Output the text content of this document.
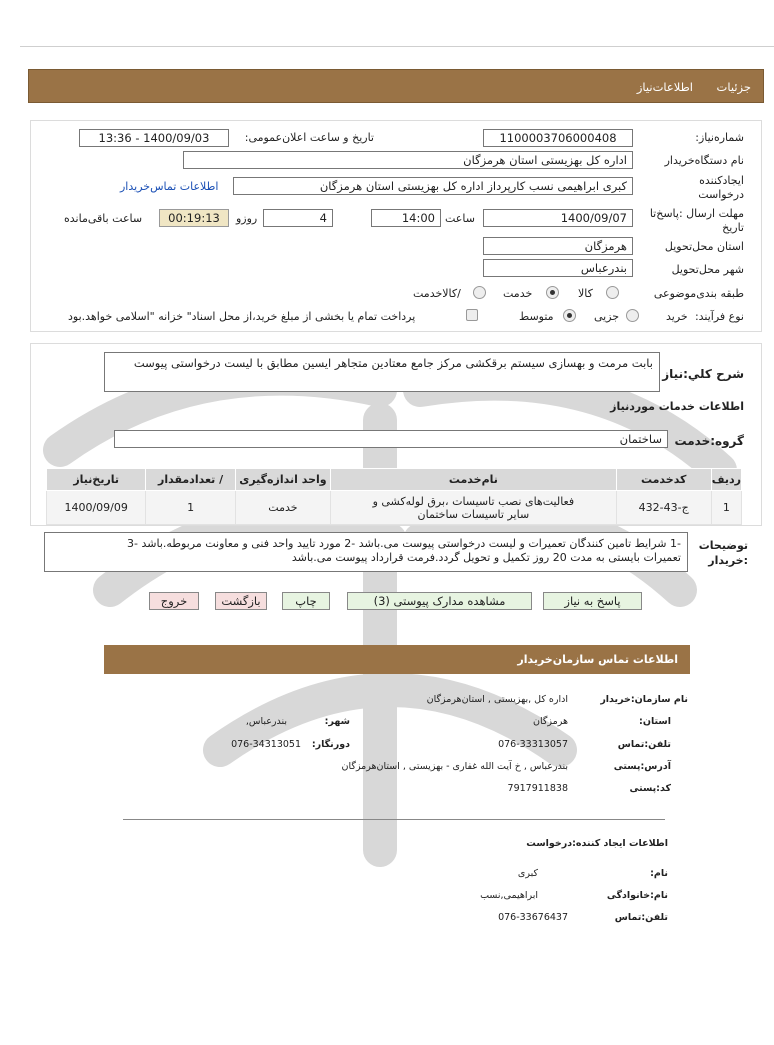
جزئیات
اطلاعات‌نیاز
شماره‌نیاز:
1100003706000408
تاریخ و ساعت اعلان‌عمومی:
1400/09/03 - 13:36
نام دستگاه‌خریدار
اداره کل بهزیستی استان هرمزگان
ایجادکننده
درخواست
کبری ابراهیمی نسب کارپرداز اداره کل بهزیستی استان هرمزگان
اطلاعات تماس‌خریدار
مهلت ارسال :پاسخ‌تا
تاریخ
1400/09/07
ساعت
14:00
4
روزو
00:19:13
ساعت باقی‌مانده
استان محل‌تحویل
هرمزگان
شهر محل‌تحویل
بندرعباس
طبقه بندی‌موضوعی
کالا
خدمت
/کالاخدمت
نوع فرآیند:
خرید
جزیی
متوسط
پرداخت تمام یا بخشی از مبلغ خرید،از محل اسناد" خزانه "اسلامی خواهد.بود
شرح کلي:نیاز
بابت مرمت و بهسازی سیستم برقکشی مرکز جامع معتادین متجاهر ایسین مطابق با لیست درخواستی پیوست
اطلاعات خدمات موردنیاز
گروه:خدمت
ساختمان
ردیف	کدخدمت	نام‌خدمت	واحد اندازه‌گیری	/ تعدادمقدار	تاریخ‌نیاز
1	ج-43-432	فعالیت‌های نصب تاسیسات ،برق لوله‌کشی و
سایر تاسیسات ساختمان	خدمت	1	1400/09/09
توضیحات
:خریدار
-1 شرایط تامین کنندگان تعمیرات و لیست درخواستی پیوست می.باشد -2 مورد تایید واحد فنی و معاونت مربوطه.باشد -3
تعمیرات بایستی به مدت 20 روز تکمیل و تحویل گردد.فرمت قرارداد پیوست می.باشد
پاسخ به نیاز
مشاهده مدارک پیوستی (3)
چاپ
بازگشت
خروج
اطلاعات تماس سازمان‌خریدار
نام سازمان:خریدار
اداره کل ,بهزیستی , استان‌هرمزگان
استان:
هرمزگان
شهر:
بندرعباس,
تلفن:تماس
076-33313057
دورنگار:
076-34313051
آدرس:پستی
بندرعباس , خ آیت الله غفاری - بهزیستی , استان‌هرمزگان
کد:پستی
7917911838
اطلاعات ایجاد کننده:درخواست
نام:
کبری
نام:خانوادگی
ابراهیمی,نسب
تلفن:تماس
076-33676437
